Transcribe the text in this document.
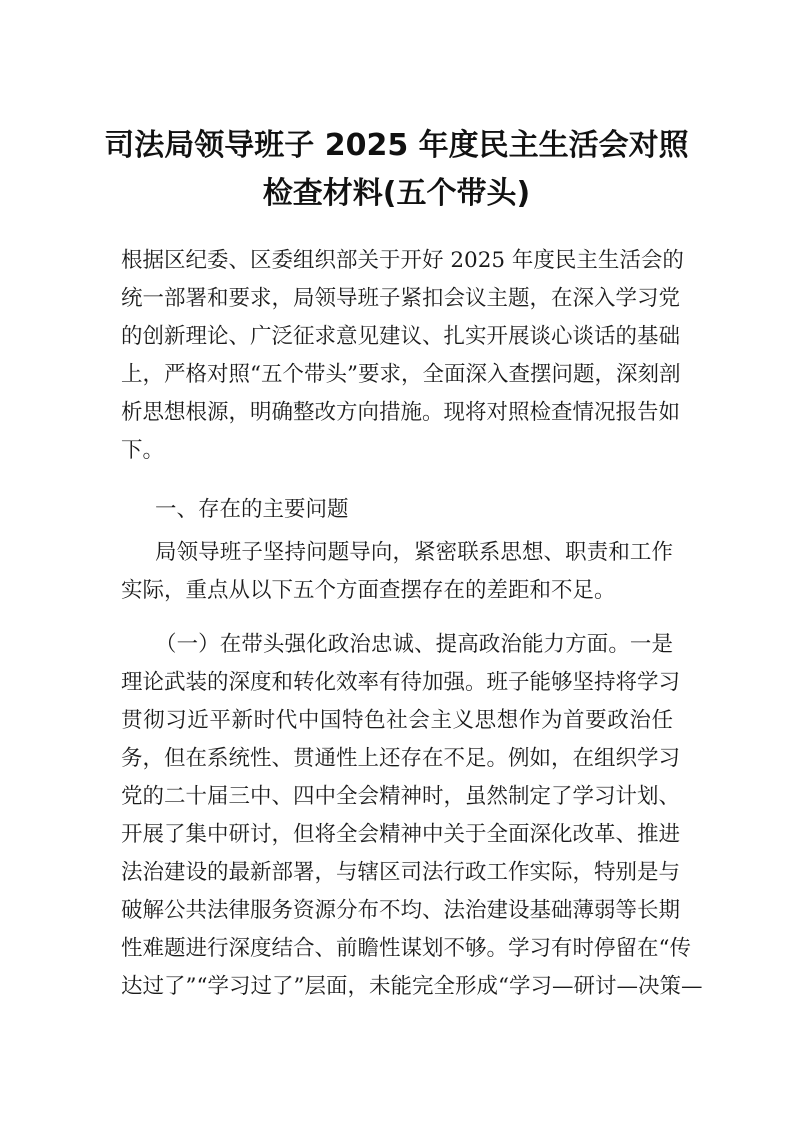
司法局领导班子 2025 年度民主生活会对照
检查材料(五个带头)
根据区纪委、区委组织部关于开好 2025 年度民主生活会的
统一部署和要求，局领导班子紧扣会议主题，在深入学习党
的创新理论、广泛征求意见建议、扎实开展谈心谈话的基础
上，严格对照“五个带头”要求，全面深入查摆问题，深刻剖
析思想根源，明确整改方向措施。现将对照检查情况报告如
下。
一、存在的主要问题
局领导班子坚持问题导向，紧密联系思想、职责和工作
实际，重点从以下五个方面查摆存在的差距和不足。
（一）在带头强化政治忠诚、提高政治能力方面。一是
理论武装的深度和转化效率有待加强。班子能够坚持将学习
贯彻习近平新时代中国特色社会主义思想作为首要政治任
务，但在系统性、贯通性上还存在不足。例如，在组织学习
党的二十届三中、四中全会精神时，虽然制定了学习计划、
开展了集中研讨，但将全会精神中关于全面深化改革、推进
法治建设的最新部署，与辖区司法行政工作实际，特别是与
破解公共法律服务资源分布不均、法治建设基础薄弱等长期
性难题进行深度结合、前瞻性谋划不够。学习有时停留在“传
达过了”“学习过了”层面，未能完全形成“学习—研讨—决策—
